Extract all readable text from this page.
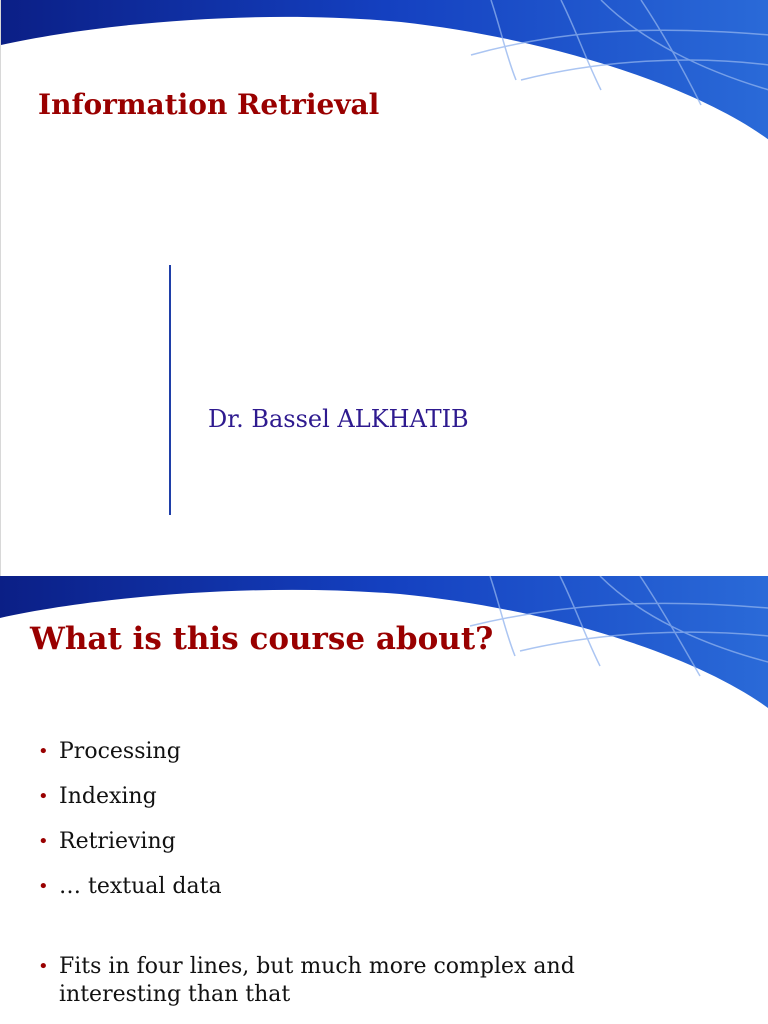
Information Retrieval
Dr. Bassel ALKHATIB
What is this course about?
• Processing
• Indexing
• Retrieving
• … textual data
• Fits in four lines, but much more complex and interesting than that
